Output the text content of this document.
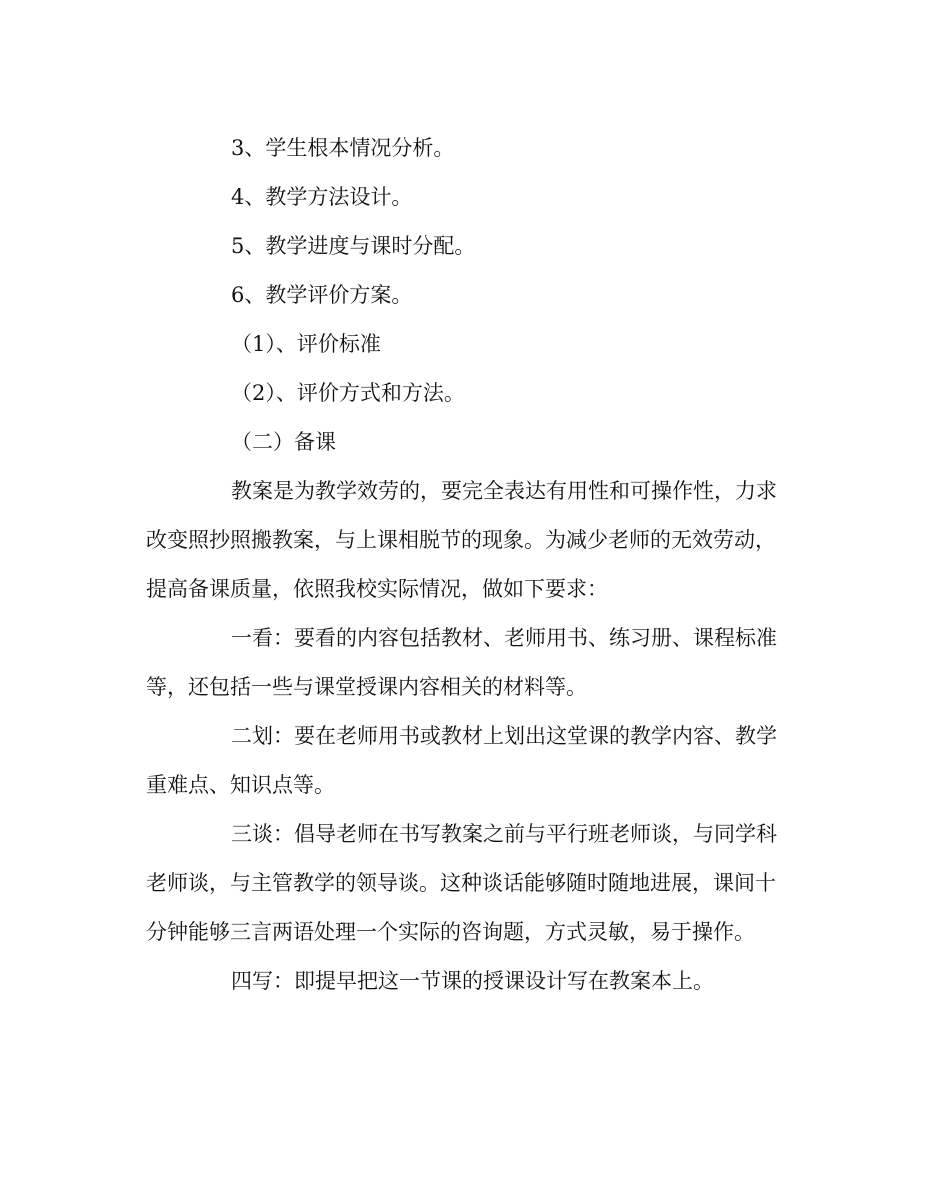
3、学生根本情况分析。
4、教学方法设计。
5、教学进度与课时分配。
6、教学评价方案。
（1）、评价标准
（2）、评价方式和方法。
（二）备课
教案是为教学效劳的，要完全表达有用性和可操作性，力求
改变照抄照搬教案，与上课相脱节的现象。为减少老师的无效劳动，
提高备课质量，依照我校实际情况，做如下要求：
一看：要看的内容包括教材、老师用书、练习册、课程标准
等，还包括一些与课堂授课内容相关的材料等。
二划：要在老师用书或教材上划出这堂课的教学内容、教学
重难点、知识点等。
三谈：倡导老师在书写教案之前与平行班老师谈，与同学科
老师谈，与主管教学的领导谈。这种谈话能够随时随地进展，课间十
分钟能够三言两语处理一个实际的咨询题，方式灵敏，易于操作。
四写：即提早把这一节课的授课设计写在教案本上。
